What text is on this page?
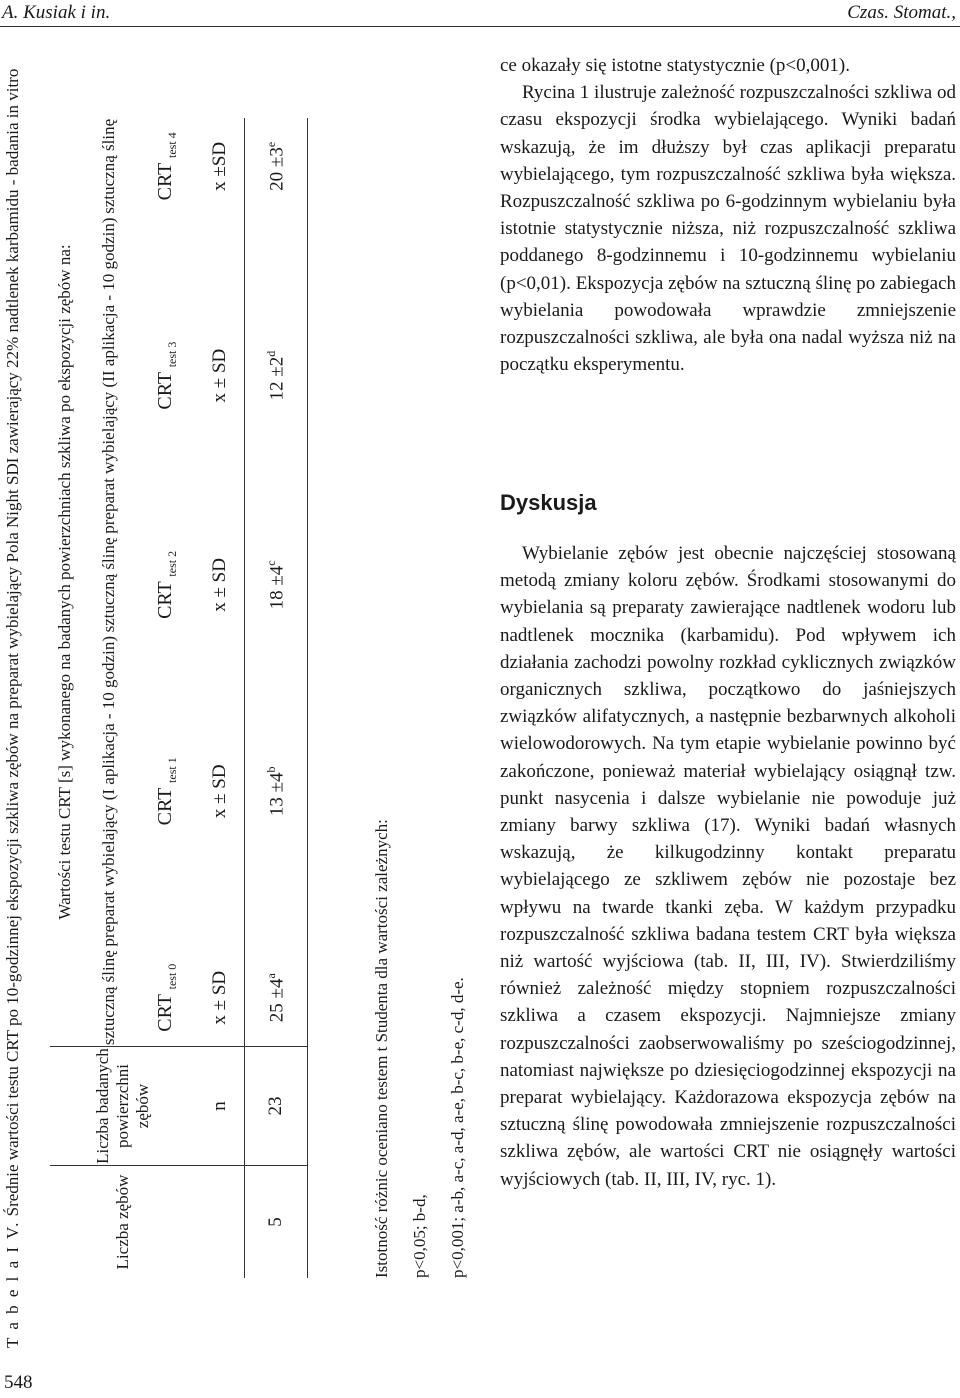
A. Kusiak i in.	Czas. Stomat.,
T a b e l a I V. Średnie wartości testu CRT po 10-godzinnej ekspozycji szkliwa zębów na preparat wybielający Pola Night SDI zawierający 22% nadtlenek karbamidu - badania in vitro
Liczba zębów	Liczba badanych powierzchni zębów	Wartości testu CRT [s] wykonanego na badanych powierzchniach szkliwa po ekspozycji zębów na:				
		sztuczną ślinę	preparat wybielający (I aplikacja - 10 godzin)	sztuczną ślinę	preparat wybielający (II aplikacja - 10 godzin)	sztuczną ślinę
		CRT $_{test 0}$	CRT $_{test 1}$	CRT $_{test 2}$	CRT $_{test 3}$	CRT $_{test 4}$
	n	x ± SD	x ± SD	x ± SD	x ± SD	x ±SD
5	23	$25 \pm 4^a$	$13 \pm 4^b$	$18 \pm 4^c$	$12 \pm 2^d$	$20 \pm 3^e$
Istotność różnic oceniano testem t Studenta dla wartości zależnych: p<0,05; b-d, p<0,001; a-b, a-c, a-d, a-e, b-c, b-e, c-d, d-e.

ce okazały się istotne statystycznie (p<0,001).

Rycina 1 ilustruje zależność rozpuszczalności szkliwa od czasu ekspozycji środka wybielającego. Wyniki badań wskazują, że im dłuższy był czas aplikacji preparatu wybielającego, tym rozpuszczalność szkliwa była większa. Rozpuszczalność szkliwa po 6-godzinnym wybielaniu była istotnie statystycznie niższa, niż rozpuszczalność szkliwa poddanego 8-godzinnemu i 10-godzinnemu wybielaniu (p<0,01). Ekspozycja zębów na sztuczną ślinę po zabiegach wybielania powodowała wprawdzie zmniejszenie rozpuszczalności szkliwa, ale była ona nadal wyższa niż na początku eksperymentu.

Dyskusja

Wybielanie zębów jest obecnie najczęściej stosowaną metodą zmiany koloru zębów. Środkami stosowanymi do wybielania są preparaty zawierające nadtlenek wodoru lub nadtlenek mocznika (karbamidu). Pod wpływem ich działania zachodzi powolny rozkład cyklicznych związków organicznych szkliwa, początkowo do jaśniejszych związków alifatycznych, a następnie bezbarwnych alkoholi wielowodorowych. Na tym etapie wybielanie powinno być zakończone, ponieważ materiał wybielający osiągnął tzw. punkt nasycenia i dalsze wybielanie nie powoduje już zmiany barwy szkliwa (17). Wyniki badań własnych wskazują, że kilkugodzinny kontakt preparatu wybielającego ze szkliwem zębów nie pozostaje bez wpływu na twarde tkanki zęba. W każdym przypadku rozpuszczalność szkliwa badana testem CRT była większa niż wartość wyjściowa (tab. II, III, IV). Stwierdziliśmy również zależność między stopniem rozpuszczalności szkliwa a czasem ekspozycji. Najmniejsze zmiany rozpuszczalności zaobserwowaliśmy po sześciogodzinnej, natomiast największe po dziesięciogodzinnej ekspozycji na preparat wybielający. Każdorazowa ekspozycja zębów na sztuczną ślinę powodowała zmniejszenie rozpuszczalności szkliwa zębów, ale wartości CRT nie osiągnęły wartości wyjściowych (tab. II, III, IV, ryc. 1).

548
